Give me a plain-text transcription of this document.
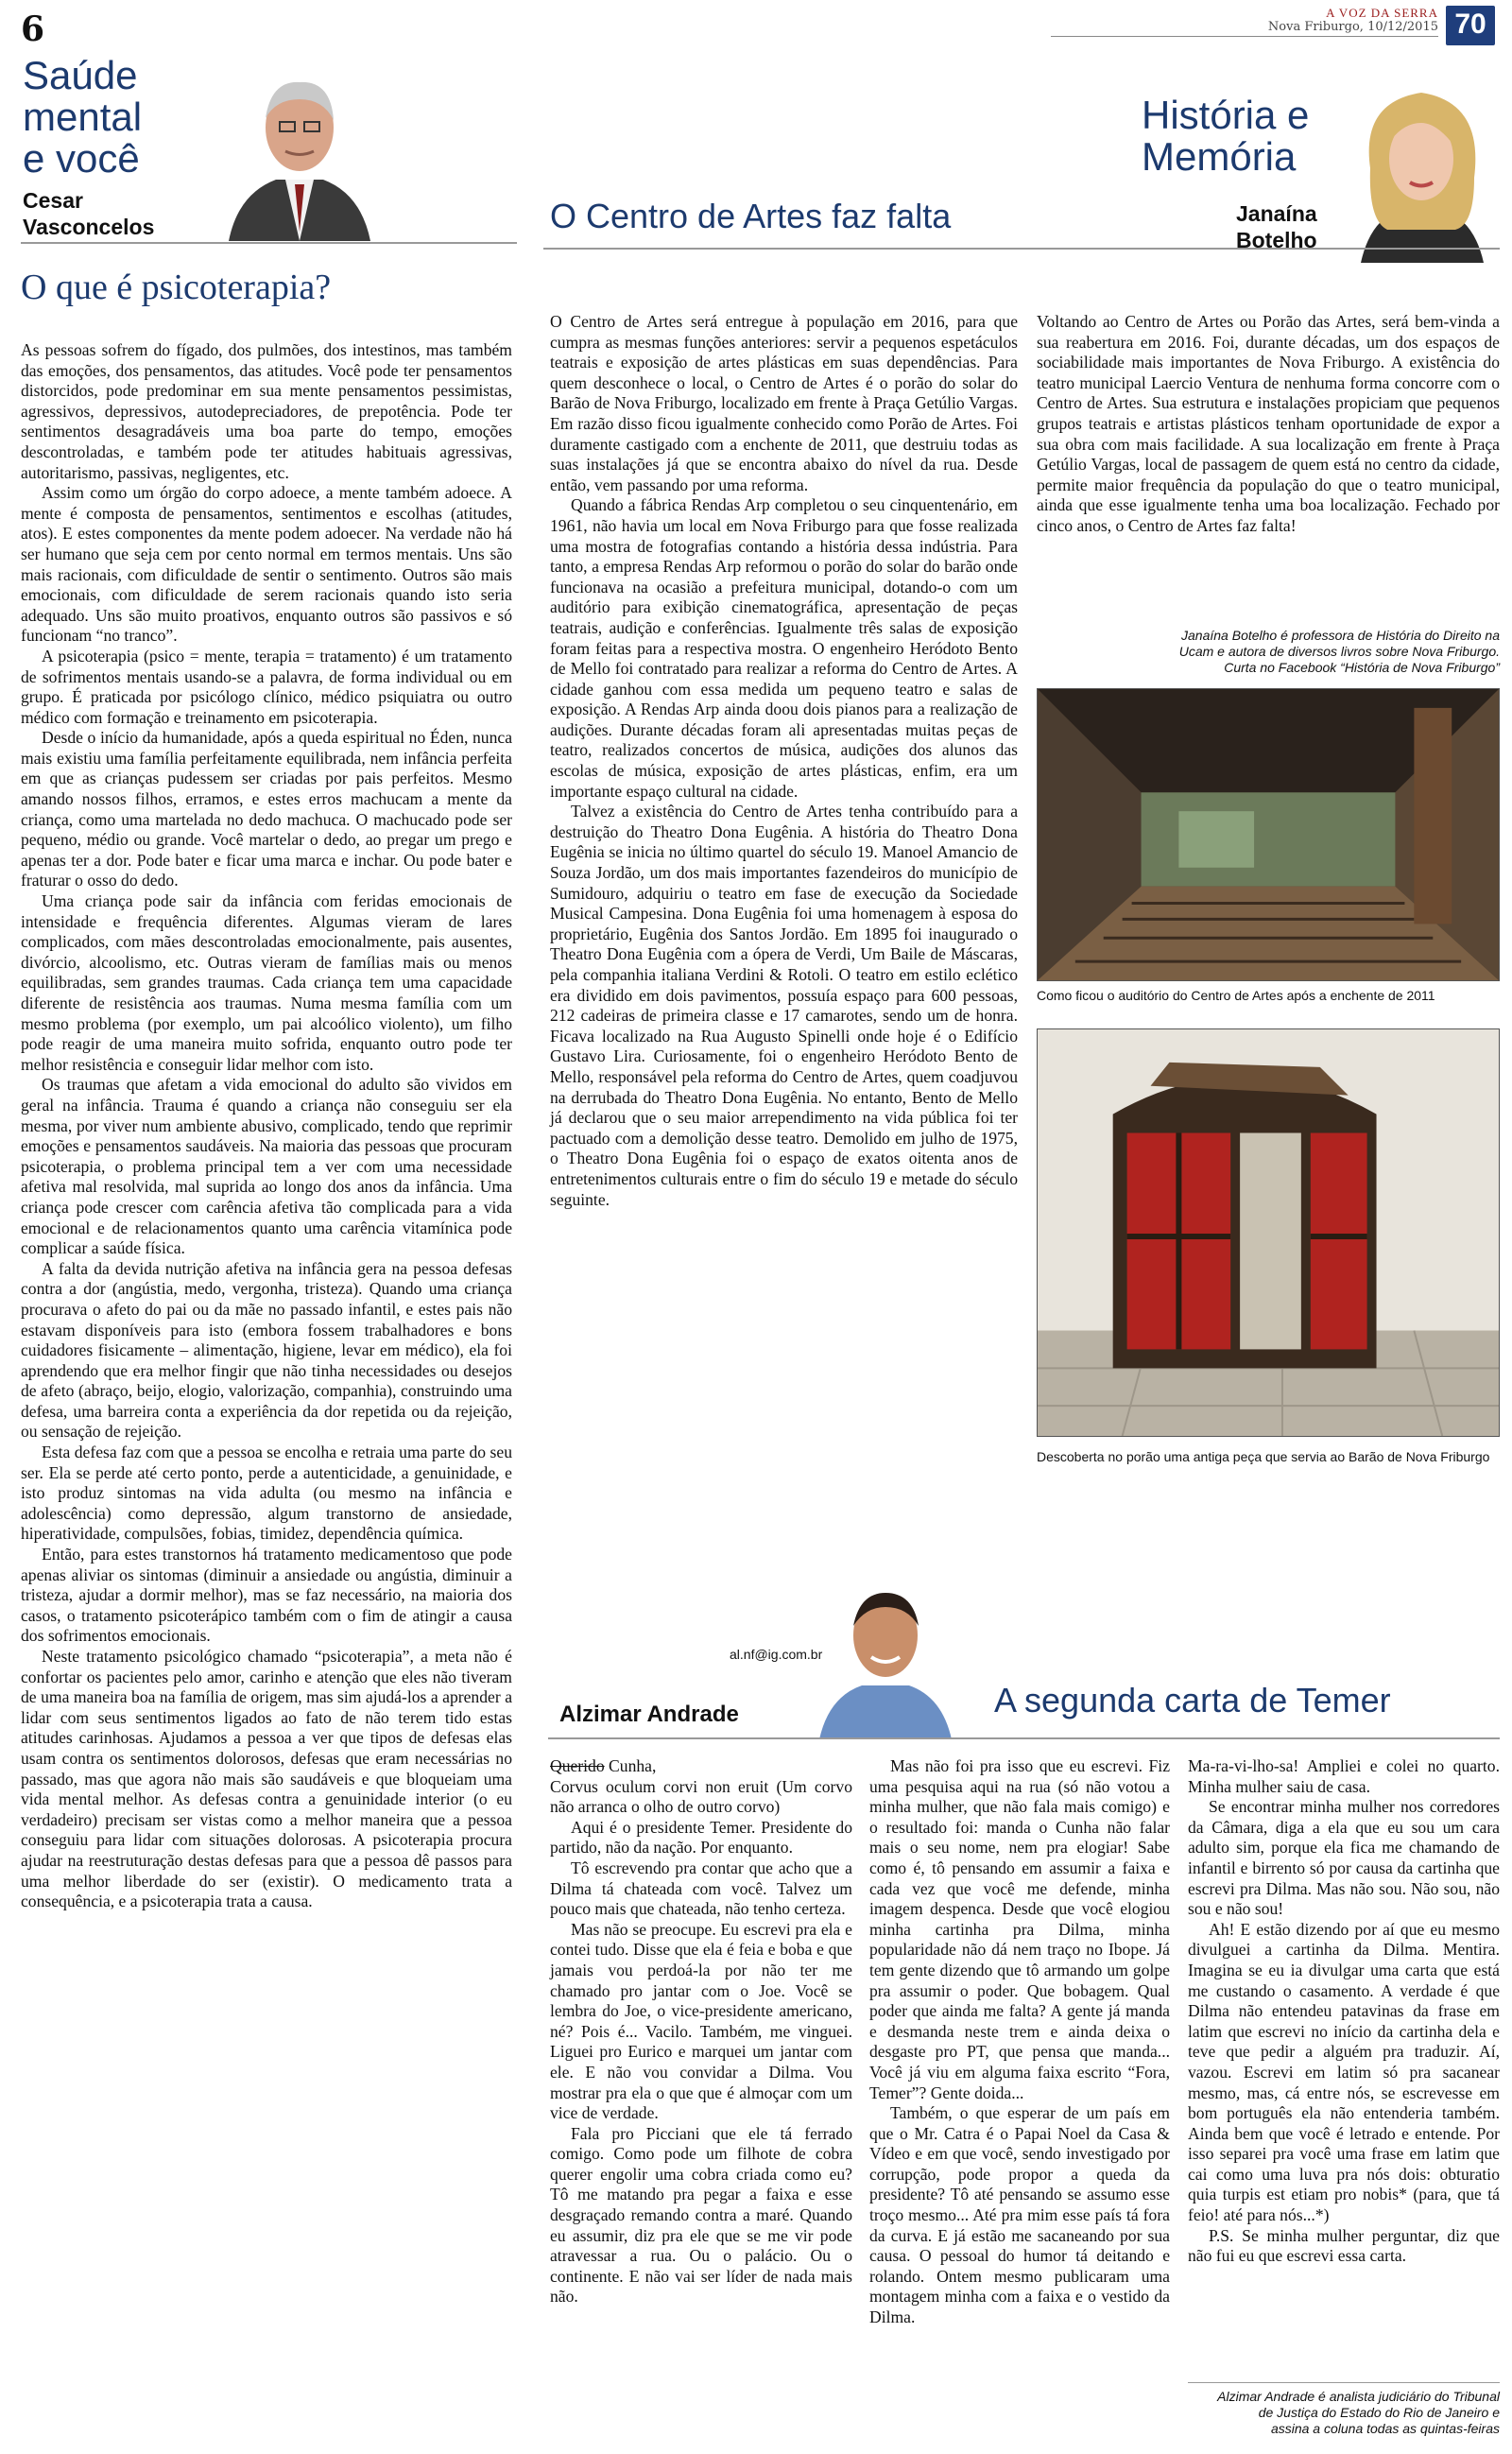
6	A VOZ DA SERRA
Nova Friburgo, 10/12/2015 70
Saúde
mental
e você
Cesar
Vasconcelos
O que é psicoterapia?

As pessoas sofrem do fígado, dos pulmões, dos intestinos, mas também das emoções, dos pensamentos, das atitudes. Você pode ter pensamentos distorcidos, pode predominar em sua mente pensamentos pessimistas, agressivos, depressivos, autodepreciadores, de prepotência. Pode ter sentimentos desagradáveis uma boa parte do tempo, emoções descontroladas, e também pode ter atitudes habituais agressivas, autoritarismo, passivas, negligentes, etc.

Assim como um órgão do corpo adoece, a mente também adoece. A mente é composta de pensamentos, sentimentos e escolhas (atitudes, atos). E estes componentes da mente podem adoecer. Na verdade não há ser humano que seja cem por cento normal em termos mentais. Uns são mais racionais, com dificuldade de sentir o sentimento. Outros são mais emocionais, com dificuldade de serem racionais quando isto seria adequado. Uns são muito proativos, enquanto outros são passivos e só funcionam “no tranco”.

A psicoterapia (psico = mente, terapia = tratamento) é um tratamento de sofrimentos mentais usando-se a palavra, de forma individual ou em grupo. É praticada por psicólogo clínico, médico psiquiatra ou outro médico com formação e treinamento em psicoterapia.

Desde o início da humanidade, após a queda espiritual no Éden, nunca mais existiu uma família perfeitamente equilibrada, nem infância perfeita em que as crianças pudessem ser criadas por pais perfeitos. Mesmo amando nossos filhos, erramos, e estes erros machucam a mente da criança, como uma martelada no dedo machuca. O machucado pode ser pequeno, médio ou grande. Você martelar o dedo, ao pregar um prego e apenas ter a dor. Pode bater e ficar uma marca e inchar. Ou pode bater e fraturar o osso do dedo.

Uma criança pode sair da infância com feridas emocionais de intensidade e frequência diferentes. Algumas vieram de lares complicados, com mães descontroladas emocionalmente, pais ausentes, divórcio, alcoolismo, etc. Outras vieram de famílias mais ou menos equilibradas, sem grandes traumas. Cada criança tem uma capacidade diferente de resistência aos traumas. Numa mesma família com um mesmo problema (por exemplo, um pai alcoólico violento), um filho pode reagir de uma maneira muito sofrida, enquanto outro pode ter melhor resistência e conseguir lidar melhor com isto.

Os traumas que afetam a vida emocional do adulto são vividos em geral na infância. Trauma é quando a criança não conseguiu ser ela mesma, por viver num ambiente abusivo, complicado, tendo que reprimir emoções e pensamentos saudáveis. Na maioria das pessoas que procuram psicoterapia, o problema principal tem a ver com uma necessidade afetiva mal resolvida, mal suprida ao longo dos anos da infância. Uma criança pode crescer com carência afetiva tão complicada para a vida emocional e de relacionamentos quanto uma carência vitamínica pode complicar a saúde física.

A falta da devida nutrição afetiva na infância gera na pessoa defesas contra a dor (angústia, medo, vergonha, tristeza). Quando uma criança procurava o afeto do pai ou da mãe no passado infantil, e estes pais não estavam disponíveis para isto (embora fossem trabalhadores e bons cuidadores fisicamente – alimentação, higiene, levar em médico), ela foi aprendendo que era melhor fingir que não tinha necessidades ou desejos de afeto (abraço, beijo, elogio, valorização, companhia), construindo uma defesa, uma barreira conta a experiência da dor repetida ou da rejeição, ou sensação de rejeição.

Esta defesa faz com que a pessoa se encolha e retraia uma parte do seu ser. Ela se perde até certo ponto, perde a autenticidade, a genuinidade, e isto produz sintomas na vida adulta (ou mesmo na infância e adolescência) como depressão, algum transtorno de ansiedade, hiperatividade, compulsões, fobias, timidez, dependência química.

Então, para estes transtornos há tratamento medicamentoso que pode apenas aliviar os sintomas (diminuir a ansiedade ou angústia, diminuir a tristeza, ajudar a dormir melhor), mas se faz necessário, na maioria dos casos, o tratamento psicoterápico também com o fim de atingir a causa dos sofrimentos emocionais.

Neste tratamento psicológico chamado “psicoterapia”, a meta não é confortar os pacientes pelo amor, carinho e atenção que eles não tiveram de uma maneira boa na família de origem, mas sim ajudá-los a aprender a lidar com seus sentimentos ligados ao fato de não terem tido estas atitudes carinhosas. Ajudamos a pessoa a ver que tipos de defesas elas usam contra os sentimentos dolorosos, defesas que eram necessárias no passado, mas que agora não mais são saudáveis e que bloqueiam uma vida mental melhor. As defesas contra a genuinidade interior (o eu verdadeiro) precisam ser vistas como a melhor maneira que a pessoa conseguiu para lidar com situações dolorosas. A psicoterapia procura ajudar na reestruturação destas defesas para que a pessoa dê passos para uma melhor liberdade do ser (existir). O medicamento trata a consequência, e a psicoterapia trata a causa.

História e
Memória
Janaína
Botelho
O Centro de Artes faz falta

O Centro de Artes será entregue à população em 2016, para que cumpra as mesmas funções anteriores: servir a pequenos espetáculos teatrais e exposição de artes plásticas em suas dependências. Para quem desconhece o local, o Centro de Artes é o porão do solar do Barão de Nova Friburgo, localizado em frente à Praça Getúlio Vargas. Em razão disso ficou igualmente conhecido como Porão de Artes. Foi duramente castigado com a enchente de 2011, que destruiu todas as suas instalações já que se encontra abaixo do nível da rua. Desde então, vem passando por uma reforma.

Quando a fábrica Rendas Arp completou o seu cinquentenário, em 1961, não havia um local em Nova Friburgo para que fosse realizada uma mostra de fotografias contando a história dessa indústria. Para tanto, a empresa Rendas Arp reformou o porão do solar do barão onde funcionava na ocasião a prefeitura municipal, dotando-o com um auditório para exibição cinematográfica, apresentação de peças teatrais, audição e conferências. Igualmente três salas de exposição foram feitas para a respectiva mostra. O engenheiro Heródoto Bento de Mello foi contratado para realizar a reforma do Centro de Artes. A cidade ganhou com essa medida um pequeno teatro e salas de exposição. A Rendas Arp ainda doou dois pianos para a realização de audições. Durante décadas foram ali apresentadas muitas peças de teatro, realizados concertos de música, audições dos alunos das escolas de música, exposição de artes plásticas, enfim, era um importante espaço cultural na cidade.

Talvez a existência do Centro de Artes tenha contribuído para a destruição do Theatro Dona Eugênia. A história do Theatro Dona Eugênia se inicia no último quartel do século 19. Manoel Amancio de Souza Jordão, um dos mais importantes fazendeiros do município de Sumidouro, adquiriu o teatro em fase de execução da Sociedade Musical Campesina. Dona Eugênia foi uma homenagem à esposa do proprietário, Eugênia dos Santos Jordão. Em 1895 foi inaugurado o Theatro Dona Eugênia com a ópera de Verdi, Um Baile de Máscaras, pela companhia italiana Verdini & Rotoli. O teatro em estilo eclético era dividido em dois pavimentos, possuía espaço para 600 pessoas, 212 cadeiras de primeira classe e 17 camarotes, sendo um de honra. Ficava localizado na Rua Augusto Spinelli onde hoje é o Edifício Gustavo Lira. Curiosamente, foi o engenheiro Heródoto Bento de Mello, responsável pela reforma do Centro de Artes, quem coadjuvou na derrubada do Theatro Dona Eugênia. No entanto, Bento de Mello já declarou que o seu maior arrependimento na vida pública foi ter pactuado com a demolição desse teatro. Demolido em julho de 1975, o Theatro Dona Eugênia foi o espaço de exatos oitenta anos de entretenimentos culturais entre o fim do século 19 e metade do século seguinte.

Voltando ao Centro de Artes ou Porão das Artes, será bem-vinda a sua reabertura em 2016. Foi, durante décadas, um dos espaços de sociabilidade mais importantes de Nova Friburgo. A existência do teatro municipal Laercio Ventura de nenhuma forma concorre com o Centro de Artes. Sua estrutura e instalações propiciam que pequenos grupos teatrais e artistas plásticos tenham oportunidade de expor a sua obra com mais facilidade. A sua localização em frente à Praça Getúlio Vargas, local de passagem de quem está no centro da cidade, permite maior frequência da população do que o teatro municipal, ainda que esse igualmente tenha uma boa localização. Fechado por cinco anos, o Centro de Artes faz falta!

Janaína Botelho é professora de História do Direito na
Ucam e autora de diversos livros sobre Nova Friburgo.
Curta no Facebook “História de Nova Friburgo”
Como ficou o auditório do Centro de Artes após a enchente de 2011
Descoberta no porão uma antiga peça que servia ao Barão de Nova Friburgo
al.nf@ig.com.br
Alzimar Andrade	A segunda carta de Temer

Querido Cunha,

Corvus oculum corvi non eruit (Um corvo não arranca o olho de outro corvo)

Aqui é o presidente Temer. Presidente do partido, não da nação. Por enquanto.

Tô escrevendo pra contar que acho que a Dilma tá chateada com você. Talvez um pouco mais que chateada, não tenho certeza.

Mas não se preocupe. Eu escrevi pra ela e contei tudo. Disse que ela é feia e boba e que jamais vou perdoá-la por não ter me chamado pro jantar com o Joe. Você se lembra do Joe, o vice-presidente americano, né? Pois é... Vacilo. Também, me vinguei. Liguei pro Eurico e marquei um jantar com ele. E não vou convidar a Dilma. Vou mostrar pra ela o que que é almoçar com um vice de verdade.

Fala pro Picciani que ele tá ferrado comigo. Como pode um filhote de cobra querer engolir uma cobra criada como eu? Tô me matando pra pegar a faixa e esse desgraçado remando contra a maré. Quando eu assumir, diz pra ele que se me vir pode atravessar a rua. Ou o palácio. Ou o continente. E não vai ser líder de nada mais não.

Mas não foi pra isso que eu escrevi. Fiz uma pesquisa aqui na rua (só não votou a minha mulher, que não fala mais comigo) e o resultado foi: manda o Cunha não falar mais o seu nome, nem pra elogiar! Sabe como é, tô pensando em assumir a faixa e cada vez que você me defende, minha imagem despenca. Desde que você elogiou minha cartinha pra Dilma, minha popularidade não dá nem traço no Ibope. Já tem gente dizendo que tô armando um golpe pra assumir o poder. Que bobagem. Qual poder que ainda me falta? A gente já manda e desmanda neste trem e ainda deixa o desgaste pro PT, que pensa que manda... Você já viu em alguma faixa escrito “Fora, Temer”? Gente doida...

Também, o que esperar de um país em que o Mr. Catra é o Papai Noel da Casa & Vídeo e em que você, sendo investigado por corrupção, pode propor a queda da presidente? Tô até pensando se assumo esse troço mesmo... Até pra mim esse país tá fora da curva. E já estão me sacaneando por sua causa. O pessoal do humor tá deitando e rolando. Ontem mesmo publicaram uma montagem minha com a faixa e o vestido da Dilma.

Ma-ra-vi-lho-sa! Ampliei e colei no quarto. Minha mulher saiu de casa.

Se encontrar minha mulher nos corredores da Câmara, diga a ela que eu sou um cara adulto sim, porque ela fica me chamando de infantil e birrento só por causa da cartinha que escrevi pra Dilma. Mas não sou. Não sou, não sou e não sou!

Ah! E estão dizendo por aí que eu mesmo divulguei a cartinha da Dilma. Mentira. Imagina se eu ia divulgar uma carta que está me custando o casamento. A verdade é que Dilma não entendeu patavinas da frase em latim que escrevi no início da cartinha dela e teve que pedir a alguém pra traduzir. Aí, vazou. Escrevi em latim só pra sacanear mesmo, mas, cá entre nós, se escrevesse em bom português ela não entenderia também. Ainda bem que você é letrado e entende. Por isso separei pra você uma frase em latim que cai como uma luva pra nós dois: obturatio quia turpis est etiam pro nobis* (para, que tá feio! até para nós...*)

P.S. Se minha mulher perguntar, diz que não fui eu que escrevi essa carta.

Alzimar Andrade é analista judiciário do Tribunal
de Justiça do Estado do Rio de Janeiro e
assina a coluna todas as quintas-feiras
